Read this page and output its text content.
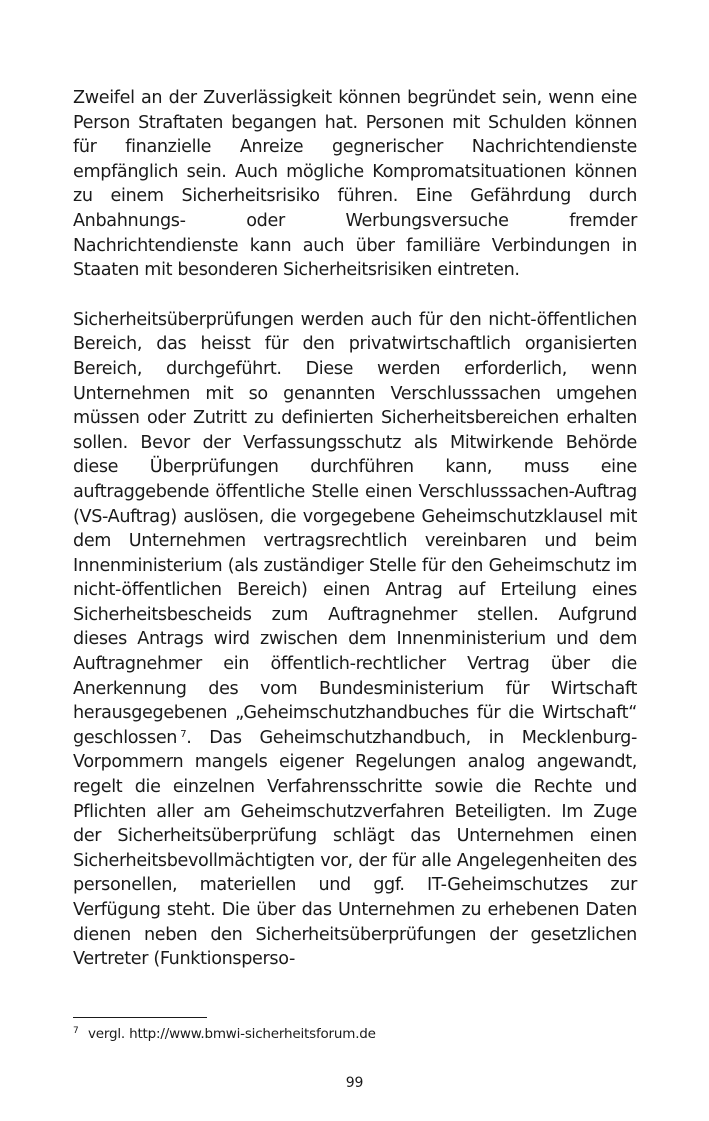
Zweifel an der Zuverlässigkeit können begründet sein, wenn eine Person Straftaten begangen hat. Personen mit Schulden können für finanzielle Anreize gegnerischer Nachrichtendienste empfänglich sein. Auch mögliche Kompromatsituationen können zu einem Sicherheitsrisiko führen. Eine Gefährdung durch Anbahnungs- oder Werbungsversuche fremder Nachrichtendienste kann auch über familiäre Verbindungen in Staaten mit besonderen Sicherheitsrisiken eintreten.

Sicherheitsüberprüfungen werden auch für den nicht-öffentlichen Bereich, das heisst für den privatwirtschaftlich organisierten Bereich, durchgeführt. Diese werden erforderlich, wenn Unternehmen mit so genannten Verschlusssachen umgehen müssen oder Zutritt zu definierten Sicherheitsbereichen erhalten sollen. Bevor der Verfassungsschutz als Mitwirkende Behörde diese Überprüfungen durchführen kann, muss eine auftraggebende öffentliche Stelle einen Verschlusssachen-Auftrag (VS-Auftrag) auslösen, die vorgegebene Geheimschutzklausel mit dem Unternehmen vertragsrechtlich vereinbaren und beim Innenministerium (als zuständiger Stelle für den Geheimschutz im nicht-öffentlichen Bereich) einen Antrag auf Erteilung eines Sicherheitsbescheids zum Auftragnehmer stellen. Aufgrund dieses Antrags wird zwischen dem Innenministerium und dem Auftragnehmer ein öffentlich-rechtlicher Vertrag über die Anerkennung des vom Bundesministerium für Wirtschaft herausgegebenen „Geheimschutzhandbuches für die Wirtschaft“ geschlossen  $^7$. Das Geheimschutzhandbuch, in Mecklenburg-Vorpommern mangels eigener Regelungen analog angewandt, regelt die einzelnen Verfahrensschritte sowie die Rechte und Pflichten aller am Geheimschutzverfahren Beteiligten. Im Zuge der Sicherheitsüberprüfung schlägt das Unternehmen einen Sicherheitsbevollmächtigten vor, der für alle Angelegenheiten des personellen, materiellen und ggf. IT-Geheimschutzes zur Verfügung steht. Die über das Unternehmen zu erhebenen Daten dienen neben den Sicherheitsüberprüfungen der gesetzlichen Vertreter (Funktionsperso-

7 vergl. http://www.bmwi-sicherheitsforum.de
99
